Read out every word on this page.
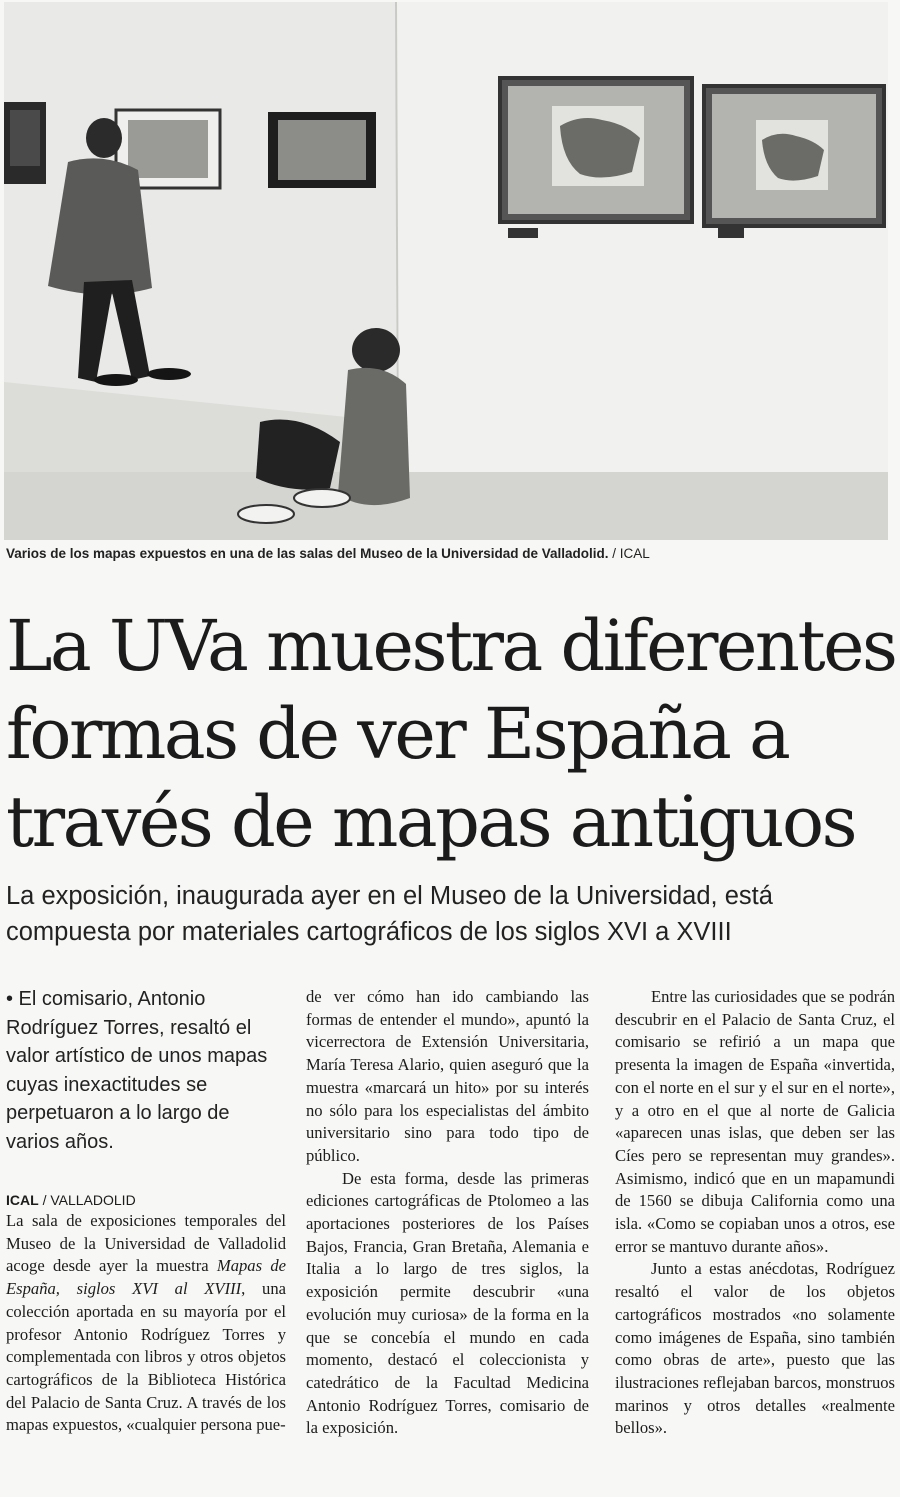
Varios de los mapas expuestos en una de las salas del Museo de la Universidad de Valladolid. / ICAL
La UVa muestra diferentes
formas de ver España a
través de mapas antiguos
La exposición, inaugurada ayer en el Museo de la Universidad, está
compuesta por materiales cartográficos de los siglos XVI a XVIII
• El comisario, Antonio Rodríguez Torres, resaltó el valor artístico de unos mapas cuyas inexactitudes se perpetuaron a lo largo de varios años.
ICAL / VALLADOLID

La sala de exposiciones temporales del Museo de la Universidad de Valladolid acoge desde ayer la muestra Mapas de España, siglos XVI al XVIII, una colección aportada en su mayoría por el profesor Antonio Rodríguez Torres y complementada con libros y otros objetos cartográficos de la Biblioteca Histórica del Palacio de Santa Cruz. A través de los mapas expuestos, «cualquier persona pue-

de ver cómo han ido cambiando las formas de entender el mundo», apuntó la vicerrectora de Extensión Universitaria, María Teresa Alario, quien aseguró que la muestra «marcará un hito» por su interés no sólo para los especialistas del ámbito universitario sino para todo tipo de público.

De esta forma, desde las primeras ediciones cartográficas de Ptolomeo a las aportaciones posteriores de los Países Bajos, Francia, Gran Bretaña, Alemania e Italia a lo largo de tres siglos, la exposición permite descubrir «una evolución muy curiosa» de la forma en la que se concebía el mundo en cada momento, destacó el coleccionista y catedrático de la Facultad Medicina Antonio Rodríguez Torres, comisario de la exposición.

Entre las curiosidades que se podrán descubrir en el Palacio de Santa Cruz, el comisario se refirió a un mapa que presenta la imagen de España «invertida, con el norte en el sur y el sur en el norte», y a otro en el que al norte de Galicia «aparecen unas islas, que deben ser las Cíes pero se representan muy grandes». Asimismo, indicó que en un mapamundi de 1560 se dibuja California como una isla. «Como se copiaban unos a otros, ese error se mantuvo durante años».

Junto a estas anécdotas, Rodríguez resaltó el valor de los objetos cartográficos mostrados «no solamente como imágenes de España, sino también como obras de arte», puesto que las ilustraciones reflejaban barcos, monstruos marinos y otros detalles «realmente bellos».
